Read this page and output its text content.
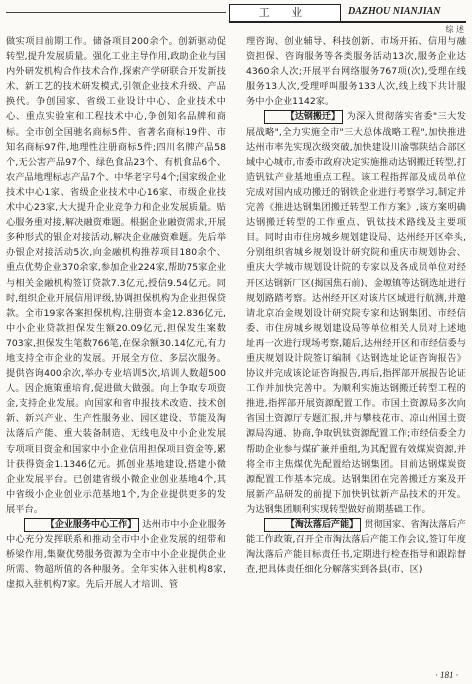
工 业	DAZHOU NIANJIAN
综 述

做实项目前期工作。储备项目200余个。创新驱动促转型,提升发展质量。强化工业主导作用,政助企业与国内外研发机构合作技术合作,探索产学研联合开发新技术、新工艺的技术研发模式,引领企业技术升级、产品换代。争创国家、省级工业设计中心、企业技术中心、重点实验室和工程技术中心,争创知名品牌和商标。全市创全国驰名商标5件、省著名商标19件、市知名商标97件,地理性注册商标5件;四川名牌产品58个,无公害产品97个、绿色食品23个、有机食品6个、农产品地理标志产品7个、中华老字号4个;国家级企业技术中心1家、省级企业技术中心16家、市级企业技术中心23家,大大提升企业竞争力和企业发展质量。贴心服务重对接,解决融资难题。根据企业融资需求,开展多种形式的银企对接活动,解决企业融资难题。先后举办银企对接活动5次,向金融机构推荐项目180余个、重点优势企业370余家,参加企业224家,帮助75家企业与相关金融机构签订贷款7.3亿元,授信9.54亿元。同时,组织企业开展信用评级,协调担保机构为企业担保贷款。全市19家各案担保机构,注册资本金12.836亿元,中小企业贷款担保发生额20.09亿元,担保发生案数703家,担保发生笔数766笔,在保余额30.14亿元,有力地支持全市企业的发展。开展全方位、多层次服务。提供咨询400余次,举办专业培训5次,培训人数超500人。因企施策重培育,促进做大做强。向上争取专项资金,支持企业发展。向国家和省申报技术改造、技术创新、新兴产业、生产性服务业、园区建设、节能及淘汰落后产能、重大装备制造、无线电及中小企业发展专项项目资金和国家中小企业信用担保项目资金等,累计获得资金1.1346亿元。抓创业基地建设,搭建小微企业发展平台。已创建省级小微企业创业基地4个,其中省级小企业创业示范基地1个,为企业提供更多的发展平台。

【企业服务中心工作】 达州市中小企业服务中心充分发挥联系和推动全市中小企业发展的纽带和桥梁作用,集聚优势服务资源为全市中小企业提供企业所需、物超所值的各种服务。全年实体入驻机构8家,虚拟入驻机构7家。先后开展人才培训、管

理咨询、创业辅导、科技创新、市场开拓、信用与融资担保、咨询服务等各类服务活动13次,服务企业达4360余人次;开展平台网络服务767项(次),受理在线服务13人次,受理呼叫服务133人次,线上线下共计服务中小企业1142家。

【达钢搬迁】 为深入贯彻落实省委"三大发展战略",全力实施全市"三大总体战略工程",加快推进达州市率先实现次级突破,加快建设川渝鄂陕结合部区域中心城市,市委市政府决定实施推动达钢搬迁转型,打造钒钛产业基地重点工程。该工程指挥部及成员单位完成对国内成功搬迁的钢铁企业进行考察学习,制定并完善《推进达钢集团搬迁转型工作方案》,该方案明确达钢搬迁转型的工作重点、钒钛技术路线及主要项目。同时由市住房城乡规划建设局、达州经开区牵头,分别组织省城乡规划设计研究院和重庆市规划协会、重庆大学城市规划设计院的专家以及各成员单位对经开区达钢新厂区(揭国焦石前)、金塬镇等达钢选址进行规划路踏考察。达州经开区对该片区域进行航测,并邀请北京冶金规划设计研究院专家和达钢集团、市经信委、市住房城乡规划建设局等单位相关人员对上述地址再一次进行现场考察,随后,达州经开区和市经信委与重庆规划设计院签订编制《达钢选址论证咨询报告》协议并完成该论证咨询报告,再后,指挥部开展报告论证工作并加快完善中。为顺利实施达钢搬迁转型工程的推进,指挥部开展资源配置工作。市国土资源局多次向省国土资源厅专题汇报,并与攀枝花市、凉山州国土资源局沟通、协商,争取钒钛资源配置工作;市经信委全力帮助企业参与煤矿兼并重组,为其配置有效煤炭资源,并将全市主焦煤优先配置给达钢集团。目前达钢煤炭资源配置工作基本完成。达钢集团在完善搬迁方案及开展新产品研发的前提下加快钒钛新产品技术的开发。为达钢集团顺利实现转型做好前期基础工作。

【淘汰落后产能】 贯彻国家、省淘汰落后产能工作政策,召开全市淘汰落后产能工作会议,签订年度淘汰落后产能目标责任书,定期进行检查指导和跟踪督查,把具体责任细化分解落实到各县(市、区)

· 181 ·
